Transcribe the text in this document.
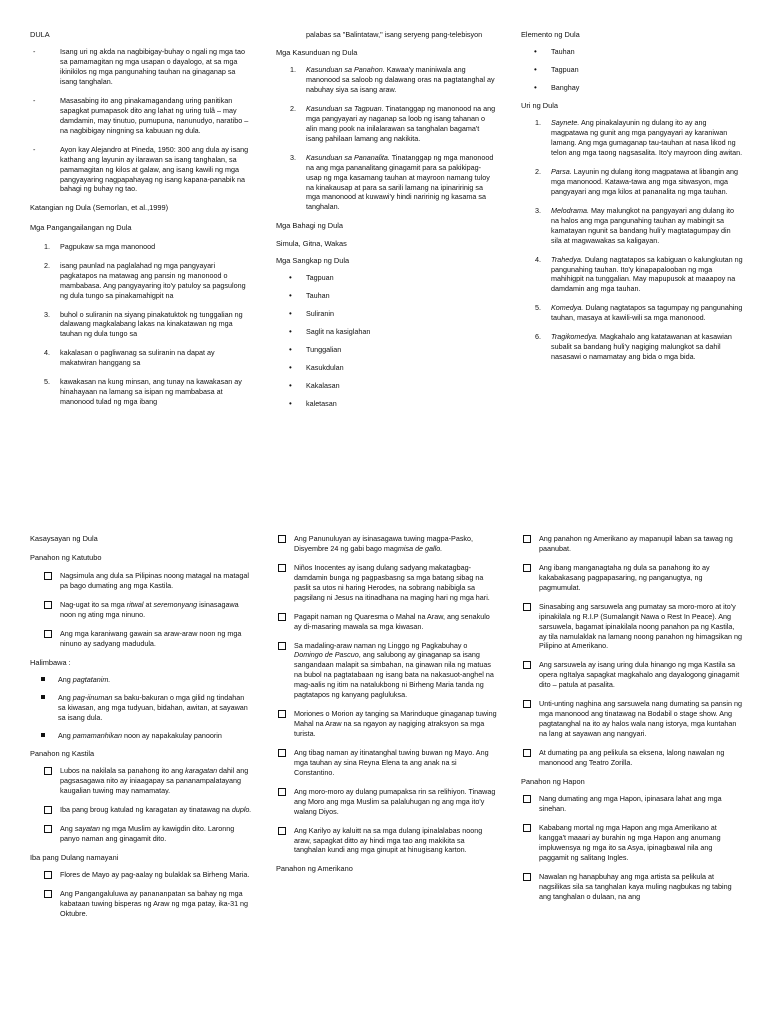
DULA
- Isang uri ng akda na nagbibigay-buhay o ngali ng mga tao sa pamamagitan ng mga usapan o dayalogo, at sa mga ikinikilos ng mga pangunahing tauhan na ginaganap sa isang tanghalan.
- Masasabing ito ang pinakamagandang uring panitikan sapagkat pumapasok dito ang lahat ng uring tulâ – may damdamin, may tinutuo, pumupuna, nanunudyo, naratibo – na nagbibigay ningning sa kabuuan ng dula.
- Ayon kay Alejandro at Pineda, 1950: 300 ang dula ay isang kathang ang layunin ay ilarawan sa isang tanghalan, sa pamamagitan ng kilos at galaw, ang isang kawili ng mga pangyayaring nagpapahayag ng isang kapana-panabik na bahagi ng buhay ng tao.
Katangian ng Dula (Semorlan, et al.,1999)
Mga Pangangailangan ng Dula
1. Pagpukaw sa mga manonood
2. isang paunlad na paglalahad ng mga pangyayari pagkatapos na matawag ang pansin ng manonood o mambabasa. Ang pangyayaring ito'y patuloy sa pagsulong ng dula tungo sa pinakamahigpit na
3. buhol o suliranin na siyang pinakatuktok ng tunggalian ng dalawang magkalabang lakas na kinakatawan ng mga tauhan ng dula tungo sa
4. kakalasan o pagliwanag sa suliranin na dapat ay makatwiran hanggang sa
5. kawakasan na kung minsan, ang tunay na kawakasan ay hinahayaan na lamang sa isipan ng mambabasa at manonood tulad ng mga ibang

palabas sa "Balintataw," isang seryeng pang-telebisyon

Mga Kasunduan ng Dula
1. Kasunduan sa Panahon. Kawaa'y maniniwala ang manonood sa saloob ng dalawang oras na pagtatanghal ay nabuhay siya sa isang araw.
2. Kasunduan sa Tagpuan. Tinatanggap ng manonood na ang mga pangyayari ay naganap sa loob ng isang tahanan o alin mang pook na inilalarawan sa tanghalan bagama't isang pahilaan lamang ang nakikita.
3. Kasunduan sa Pananalita. Tinatanggap ng mga manonood na ang mga pananalitang ginagamit para sa pakikipag-usap ng mga kasamang tauhan at mayroon namang tuloy na kinakausap at para sa sarili lamang na ipinaririnig sa mga manonood at kuwawi'y hindi naririnig ng kasama sa tanghalan.
Mga Bahagi ng Dula
Simula, Gitna, Wakas
Mga Sangkap ng Dula
• Tagpuan
• Tauhan
• Suliranin
• Saglit na kasiglahan
• Tunggalian
• Kasukdulan
• Kakalasan
• kaletasan
Elemento ng Dula
• Tauhan
• Tagpuan
• Banghay
Uri ng Dula
1. Saynete. Ang pinakalayunin ng dulang ito ay ang magpatawa ng gunit ang mga pangyayari ay karaniwan lamang. Ang mga gumaganap tau-tauhan at nasa likod ng telon ang mga taong nagsasalita. Ito'y mayroon ding awitan.
2. Parsa. Layunin ng dulang itong magpatawa at libangin ang mga manonood. Katawa-tawa ang mga sitwasyon, mga pangyayari ang mga kilos at pananalita ng mga tauhan.
3. Melodrama. May malungkot na pangyayari ang dulang ito na halos ang mga pangunahing tauhan ay mabingit sa kamatayan ngunit sa bandang huli'y magtatagumpay din sila at magwawakas sa kaligayan.
4. Trahedya. Dulang nagtatapos sa kabiguan o kalungkutan ng pangunahing tauhan. Ito'y kinapapalooban ng mga mahihigpit na tunggalian. May mapupusok at maaapoy na damdamin ang mga tauhan.
5. Komedya. Dulang nagtatapos sa tagumpay ng pangunahing tauhan, masaya at kawili-wili sa mga manonood.
6. Tragikomedya. Magkahalo ang katatawanan at kasawian subalit sa bandang huli'y nagiging malungkot sa dahil nasasawi o namamatay ang bida o mga bida.
Kasaysayan ng Dula
Panahon ng Katutubo
Nagsimula ang dula sa Pilipinas noong matagal na matagal pa bago dumating ang mga Kastila.
Nag-ugat ito sa mga ritwal at seremonyang isinasagawa noon ng ating mga ninuno.
Ang mga karaniwang gawain sa araw-araw noon ng mga ninuno ay sadyang madudula.
Halimbawa :
Ang pagtatanim.
Ang pag-iinuman sa baku-bakuran o mga gilid ng tindahan sa kiwasan, ang mga tudyuan, bidahan, awitan, at sayawan sa isang dula.
Ang pamamanhikan noon ay napakakulay panoorin
Panahon ng Kastila
Lubos na nakilala sa panahong ito ang karagatan dahil ang pagsasagawa nito ay iniaagapay sa pananampalatayang kaugalian tuwing may namamatay.
Iba pang broug katulad ng karagatan ay tinatawag na duplo.
Ang sayatan ng mga Muslim ay kawigdin dito. Laronng panyo naman ang ginagamit dito.
Iba pang Dulang namayani
Flores de Mayo ay pag-aalay ng bulaklak sa Birheng Maria.
Ang Pangangaluluwa ay panananpatan sa bahay ng mga kabataan tuwing bisperas ng Araw ng mga patay, ika-31 ng Oktubre.
Ang Panunuluyan ay isinasagawa tuwing magpa-Pasko, Disyembre 24 ng gabi bago magmisa de gallo.
Niños Inocentes ay isang dulang sadyang makatagbag-damdamin bunga ng pagpasbasng sa mga batang sibag na paslit sa utos ni haring Herodes, na sobrang nabibigla sa pagsilang ni Jesus na itinadhana na maging hari ng mga hari.
Pagapit naman ng Quaresma o Mahal na Araw, ang senakulo ay di-masaring mawala sa mga kiwasan.
Sa madaling-araw naman ng Linggo ng Pagkabuhay o Domingo de Pascuo, ang salubong ay ginaganap sa isang sangandaan malapit sa simbahan, na ginawan nila ng matuas na bubol na pagtatabaan ng isang bata na nakasuot-anghel na mag-aalis ng itim na natalukbong ni Birheng Maria tanda ng pagtatapos ng kanyang pagluluksa.
Moriones o Morion ay tanging sa Marinduque ginaganap tuwing Mahal na Araw na sa ngayon ay nagiging atraksyon sa mga turista.
Ang tibag naman ay itinatanghal tuwing buwan ng Mayo. Ang mga tauhan ay sina Reyna Elena ta ang anak na si Constantino.
Ang moro-moro ay dulang pumapaksa rin sa relihiyon. Tinawag ang Moro ang mga Muslim sa palaluhugan ng ang mga ito'y walang Diyos.
Ang Karilyo ay kaluitt na sa mga dulang ipinalalabas noong araw, sapagkat ditto ay hindi mga tao ang makikita sa tanghalan kundi ang mga ginupit at hinugisang karton.
Panahon ng Amerikano
Ang panahon ng Amerikano ay mapanupil laban sa tawag ng paanubat.
Ang ibang manganagtaha ng dula sa panahong ito ay kakabakasang pagpapasaring, ng panganugtya, ng pagmumulat.
Sinasabing ang sarsuwela ang pumatay sa moro-moro at ito'y ipinakilala ng R.I.P (Sumalangit Nawa o Rest In Peace). Ang sarsuwela, bagamat ipinakilala noong panahon pa ng Kastila, ay tila namulaklak na lamang noong panahon ng himagsikan ng Pilipino at Amerikano.
Ang sarsuwela ay isang uring dula hinango ng mga Kastila sa opera ngItalya sapagkat magkahalo ang dayalogong ginagamit dito – patula at pasalita.
Unti-unting naghina ang sarsuwela nang dumating sa pansin ng mga manonood ang tinatawag na Bodabil o stage show. Ang pagtatanghal na ito ay halos wala nang istorya, mga kuntahan na lang at sayawan ang nangyari.
At dumating pa ang pelikula sa eksena, lalong nawalan ng manonood ang Teatro Zorilla.
Panahon ng Hapon
Nang dumating ang mga Hapon, ipinasara lahat ang mga sinehan.
Kababang mortal ng mga Hapon ang mga Amerikano at kangga't maaari ay burahin ng mga Hapon ang anumang impluwensya ng mga ito sa Asya, ipinagbawal nila ang paggamit ng salitang Ingles.
Nawalan ng hanapbuhay ang mga artista sa pelikula at nagsilikas sila sa tanghalan kaya muling nagbukas ng tabing ang tanghalan o dulaan, na ang
